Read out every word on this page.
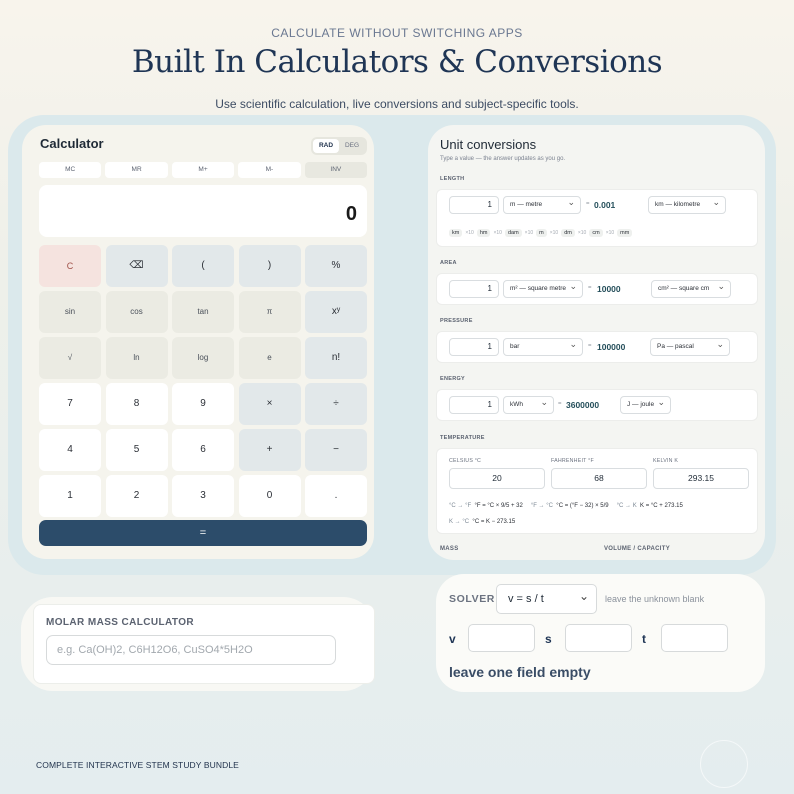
CALCULATE WITHOUT SWITCHING APPS
Built In Calculators & Conversions
Use scientific calculation, live conversions and subject-specific tools.
Calculator	RAD	DEG
MC	MR	M+	M-	INV
0
C	⌫	(	)	%
sin	cos	tan	π	xʸ
√	ln	log	e	n!
7	8	9	×	÷
4	5	6	+	−
1	2	3	0	.
=
Unit conversions
Type a value — the answer updates as you go.
LENGTH
1	m — metre ⌄	= 0.001	km — kilometre ⌄
km	×10	hm	×10	dam	×10	m	×10	dm	×10	cm	×10	mm
AREA
1	m² — square metre ⌄	= 10000	cm² — square cm ⌄
PRESSURE
1	bar ⌄	= 100000	Pa — pascal ⌄
ENERGY
1	kWh ⌄	= 3600000	J — joule ⌄
TEMPERATURE
CELSIUS °C
20
FAHRENHEIT °F
68
KELVIN K
293.15
°C → °F °F = °C × 9/5 + 32 °F → °C °C = (°F − 32) × 5/9 °C → K K = °C + 273.15
K → °C °C = K − 273.15
MASS	VOLUME / CAPACITY
MOLAR MASS CALCULATOR
e.g. Ca(OH)2, C6H12O6, CuSO4*5H2O
SOLVER	v = s / t ⌄	leave the unknown blank
v	s	t
leave one field empty
COMPLETE INTERACTIVE STEM STUDY BUNDLE
